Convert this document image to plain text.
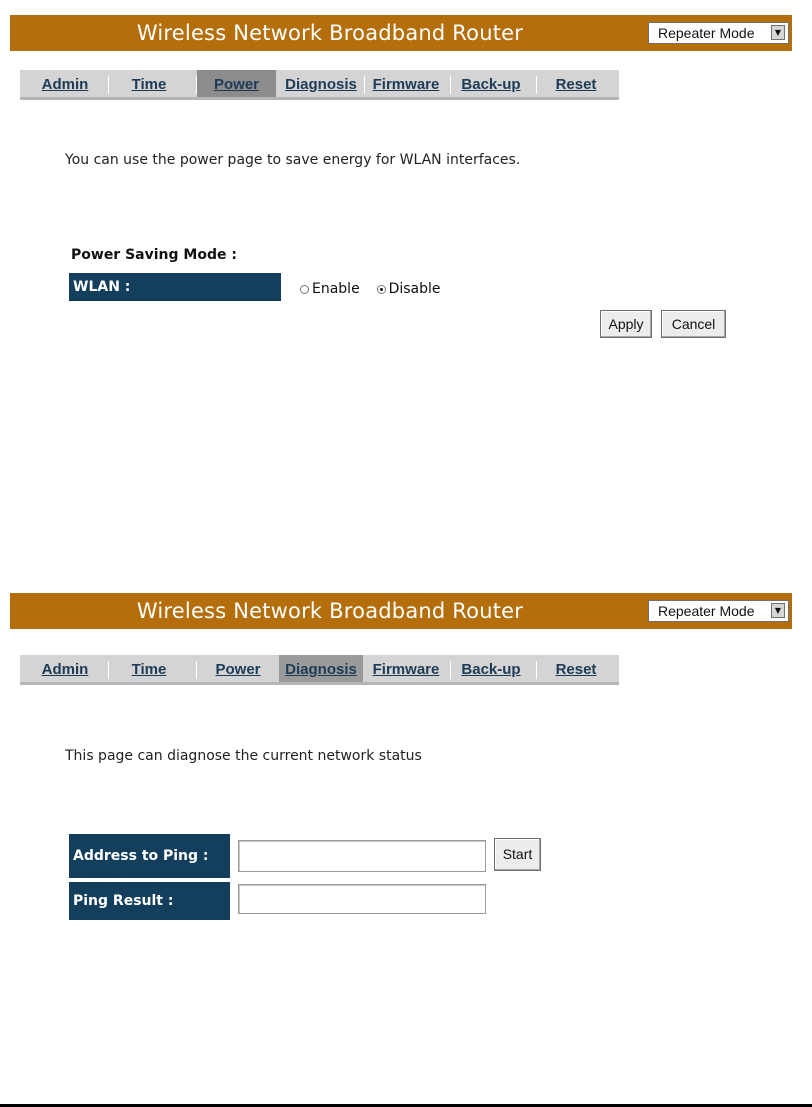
Wireless Network Broadband Router	Repeater Mode	▼
Admin	Time	Power	Diagnosis	Firmware	Back-up	Reset
You can use the power page to save energy for WLAN interfaces.
Power Saving Mode :
WLAN :	Enable Disable
Apply	Cancel
Wireless Network Broadband Router	Repeater Mode	▼
Admin	Time	Power	Diagnosis	Firmware	Back-up	Reset
This page can diagnose the current network status
Address to Ping :	Start
Ping Result :
